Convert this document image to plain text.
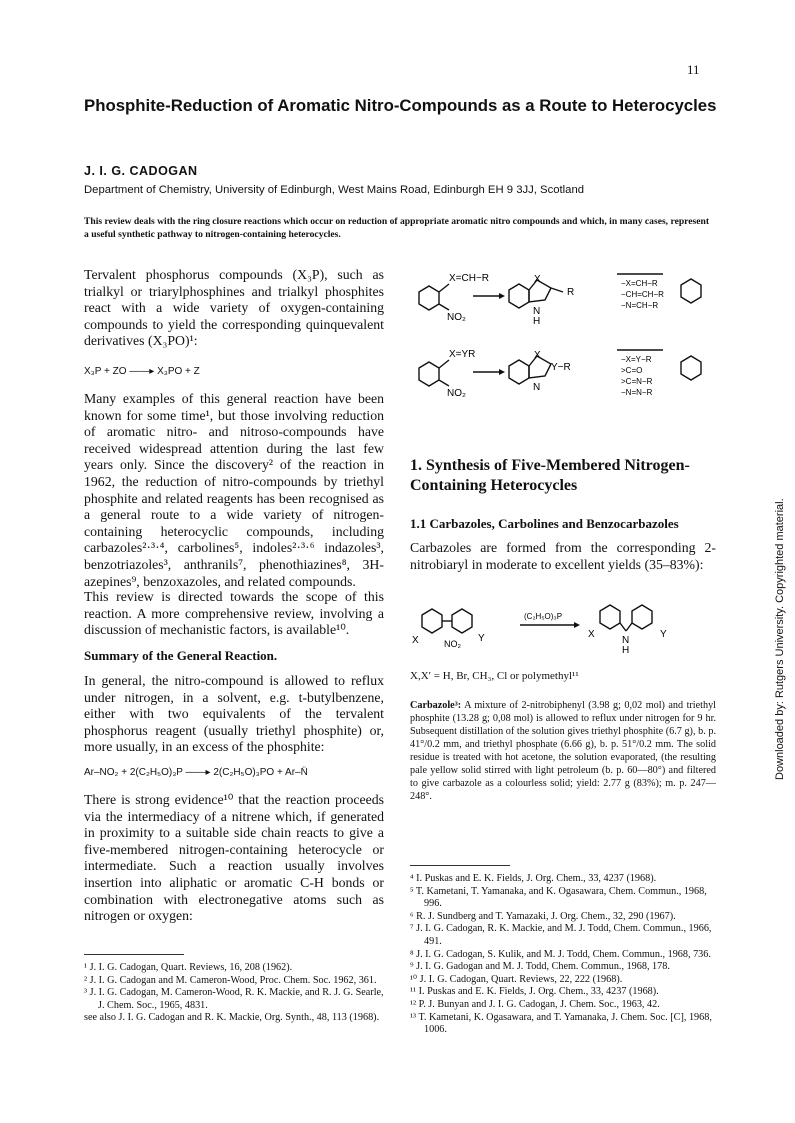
11
Phosphite-Reduction of Aromatic Nitro-Compounds as a Route to Heterocycles
J. I. G. CADOGAN
Department of Chemistry, University of Edinburgh, West Mains Road, Edinburgh EH 9 3JJ, Scotland
This review deals with the ring closure reactions which occur on reduction of appropriate aromatic nitro compounds and which, in many cases, represent a useful synthetic pathway to nitrogen-containing heterocycles.
Tervalent phosphorus compounds (X₃P), such as trialkyl or triarylphosphines and trialkyl phosphites react with a wide variety of oxygen-containing compounds to yield the corresponding quinquevalent derivatives (X₃PO)¹:
X₃P + ZO ——▸ X₃PO + Z
Many examples of this general reaction have been known for some time¹, but those involving reduction of aromatic nitro- and nitroso-compounds have received widespread attention during the last few years only. Since the discovery² of the reaction in 1962, the reduction of nitro-compounds by triethyl phosphite and related reagents has been recognised as a general route to a wide variety of nitrogen-containing heterocyclic compounds, including carbazoles²·³·⁴, carbolines⁵, indoles²·³·⁶ indazoles³, benzotriazoles³, anthranils⁷, phenothiazines⁸, 3H-azepines⁹, benzoxazoles, and related compounds.
This review is directed towards the scope of this reaction. A more comprehensive review, involving a discussion of mechanistic factors, is available¹⁰.
Summary of the General Reaction.
In general, the nitro-compound is allowed to reflux under nitrogen, in a solvent, e.g. t-butylbenzene, either with two equivalents of the tervalent phosphorus reagent (usually triethyl phosphite) or, more usually, in an excess of the phosphite:
Ar–NO₂ + 2(C₂H₅O)₃P ——▸ 2(C₂H₅O)₃PO + Ar–N̈
There is strong evidence¹⁰ that the reaction proceeds via the intermediacy of a nitrene which, if generated in proximity to a suitable side chain reacts to give a five-membered nitrogen-containing heterocycle or intermediate. Such a reaction usually involves insertion into aliphatic or aromatic C-H bonds or combination with electronegative atoms such as nitrogen or oxygen:
¹ J. I. G. Cadogan, Quart. Reviews, 16, 208 (1962).
² J. I. G. Cadogan and M. Cameron-Wood, Proc. Chem. Soc. 1962, 361.
³ J. I. G. Cadogan, M. Cameron-Wood, R. K. Mackie, and R. J. G. Searle, J. Chem. Soc., 1965, 4831.
see also J. I. G. Cadogan and R. K. Mackie, Org. Synth., 48, 113 (1968).
X=CH−R
NO₂
X
R
N
H
−X=CH−R
−CH=CH−R
−N=CH−R
X=YR
NO₂
X
Y−R
N
−X=Y−R
>C=O
>C=N−R
−N=N−R
1. Synthesis of Five-Membered Nitrogen-Containing Heterocycles
1.1 Carbazoles, Carbolines and Benzocarbazoles
Carbazoles are formed from the corresponding 2-nitrobiaryl in moderate to excellent yields (35–83%):
X	Y
NO₂
(C₂H₅O)₃P
X	Y
N
H
X,X′ = H, Br, CH₃, Cl or polymethyl¹¹
Carbazole³: A mixture of 2-nitrobiphenyl (3.98 g; 0,02 mol) and triethyl phosphite (13.28 g; 0,08 mol) is allowed to reflux under nitrogen for 9 hr. Subsequent distillation of the solution gives triethyl phosphite (6.7 g), b. p. 41°/0.2 mm, and triethyl phosphate (6.66 g), b. p. 51°/0.2 mm. The solid residue is treated with hot acetone, the solution evaporated, (the resulting pale yellow solid stirred with light petroleum (b. p. 60—80°) and filtered to give carbazole as a colourless solid; yield: 2.77 g (83%); m. p. 247—248°.
⁴ I. Puskas and E. K. Fields, J. Org. Chem., 33, 4237 (1968).
⁵ T. Kametani, T. Yamanaka, and K. Ogasawara, Chem. Commun., 1968, 996.
⁶ R. J. Sundberg and T. Yamazaki, J. Org. Chem., 32, 290 (1967).
⁷ J. I. G. Cadogan, R. K. Mackie, and M. J. Todd, Chem. Commun., 1966, 491.
⁸ J. I. G. Cadogan, S. Kulik, and M. J. Todd, Chem. Commun., 1968, 736.
⁹ J. I. G. Gadogan and M. J. Todd, Chem. Commun., 1968, 178.
¹⁰ J. I. G. Cadogan, Quart. Reviews, 22, 222 (1968).
¹¹ I. Puskas and E. K. Fields, J. Org. Chem., 33, 4237 (1968).
¹² P. J. Bunyan and J. I. G. Cadogan, J. Chem. Soc., 1963, 42.
¹³ T. Kametani, K. Ogasawara, and T. Yamanaka, J. Chem. Soc. [C], 1968, 1006.
Downloaded by: Rutgers University. Copyrighted material.
